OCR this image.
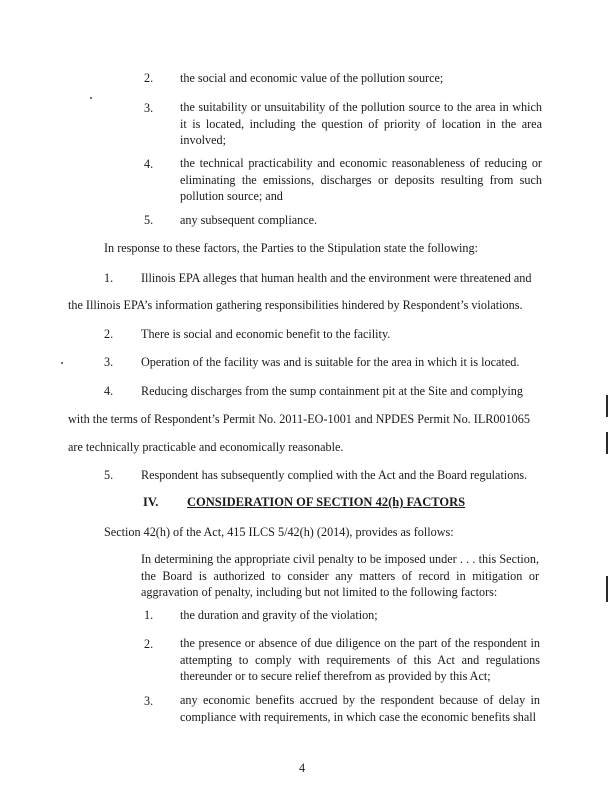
2. the social and economic value of the pollution source;
3. the suitability or unsuitability of the pollution source to the area in which it is located, including the question of priority of location in the area involved;
4. the technical practicability and economic reasonableness of reducing or eliminating the emissions, discharges or deposits resulting from such pollution source; and
5. any subsequent compliance.
In response to these factors, the Parties to the Stipulation state the following:
1. Illinois EPA alleges that human health and the environment were threatened and
the Illinois EPA’s information gathering responsibilities hindered by Respondent’s violations.
2. There is social and economic benefit to the facility.
3. Operation of the facility was and is suitable for the area in which it is located.
4. Reducing discharges from the sump containment pit at the Site and complying
with the terms of Respondent’s Permit No. 2011-EO-1001 and NPDES Permit No. ILR001065
are technically practicable and economically reasonable.
5. Respondent has subsequently complied with the Act and the Board regulations.
IV. CONSIDERATION OF SECTION 42(h) FACTORS
Section 42(h) of the Act, 415 ILCS 5/42(h) (2014), provides as follows:
In determining the appropriate civil penalty to be imposed under . . . this Section, the Board is authorized to consider any matters of record in mitigation or aggravation of penalty, including but not limited to the following factors:
1. the duration and gravity of the violation;
2. the presence or absence of due diligence on the part of the respondent in attempting to comply with requirements of this Act and regulations thereunder or to secure relief therefrom as provided by this Act;
3. any economic benefits accrued by the respondent because of delay in compliance with requirements, in which case the economic benefits shall
4
